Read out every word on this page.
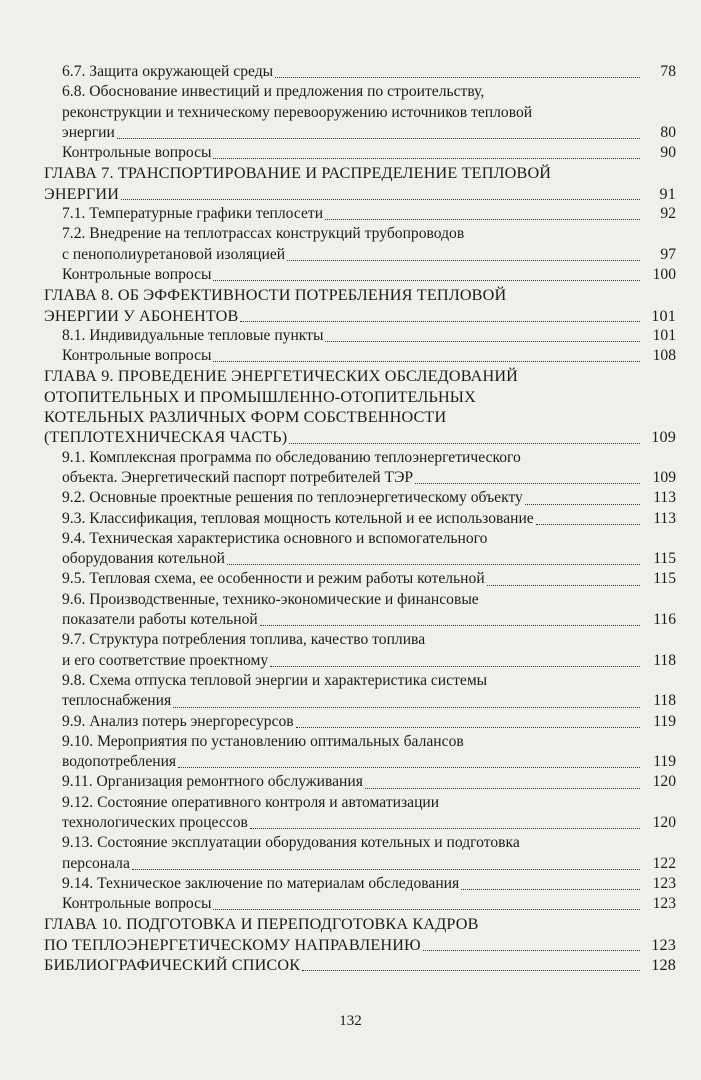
6.7. Защита окружающей среды	78
6.8. Обоснование инвестиций и предложения по строительству,
реконструкции и техническому перевооружению источников тепловой
энергии	80
Контрольные вопросы	90
ГЛАВА 7. ТРАНСПОРТИРОВАНИЕ И РАСПРЕДЕЛЕНИЕ ТЕПЛОВОЙ
ЭНЕРГИИ	91
7.1. Температурные графики теплосети	92
7.2. Внедрение на теплотрассах конструкций трубопроводов
с пенополиуретановой изоляцией	97
Контрольные вопросы	100
ГЛАВА 8. ОБ ЭФФЕКТИВНОСТИ ПОТРЕБЛЕНИЯ ТЕПЛОВОЙ
ЭНЕРГИИ У АБОНЕНТОВ	101
8.1. Индивидуальные тепловые пункты	101
Контрольные вопросы	108
ГЛАВА 9. ПРОВЕДЕНИЕ ЭНЕРГЕТИЧЕСКИХ ОБСЛЕДОВАНИЙ
ОТОПИТЕЛЬНЫХ И ПРОМЫШЛЕННО-ОТОПИТЕЛЬНЫХ
КОТЕЛЬНЫХ РАЗЛИЧНЫХ ФОРМ СОБСТВЕННОСТИ
(ТЕПЛОТЕХНИЧЕСКАЯ ЧАСТЬ)	109
9.1. Комплексная программа по обследованию теплоэнергетического
объекта. Энергетический паспорт потребителей ТЭР	109
9.2. Основные проектные решения по теплоэнергетическому объекту	113
9.3. Классификация, тепловая мощность котельной и ее использование	113
9.4. Техническая характеристика основного и вспомогательного
оборудования котельной	115
9.5. Тепловая схема, ее особенности и режим работы котельной	115
9.6. Производственные, технико-экономические и финансовые
показатели работы котельной	116
9.7. Структура потребления топлива, качество топлива
и его соответствие проектному	118
9.8. Схема отпуска тепловой энергии и характеристика системы
теплоснабжения	118
9.9. Анализ потерь энергоресурсов	119
9.10. Мероприятия по установлению оптимальных балансов
водопотребления	119
9.11. Организация ремонтного обслуживания	120
9.12. Состояние оперативного контроля и автоматизации
технологических процессов	120
9.13. Состояние эксплуатации оборудования котельных и подготовка
персонала	122
9.14. Техническое заключение по материалам обследования	123
Контрольные вопросы	123
ГЛАВА 10. ПОДГОТОВКА И ПЕРЕПОДГОТОВКА КАДРОВ
ПО ТЕПЛОЭНЕРГЕТИЧЕСКОМУ НАПРАВЛЕНИЮ	123
БИБЛИОГРАФИЧЕСКИЙ СПИСОК	128
132
